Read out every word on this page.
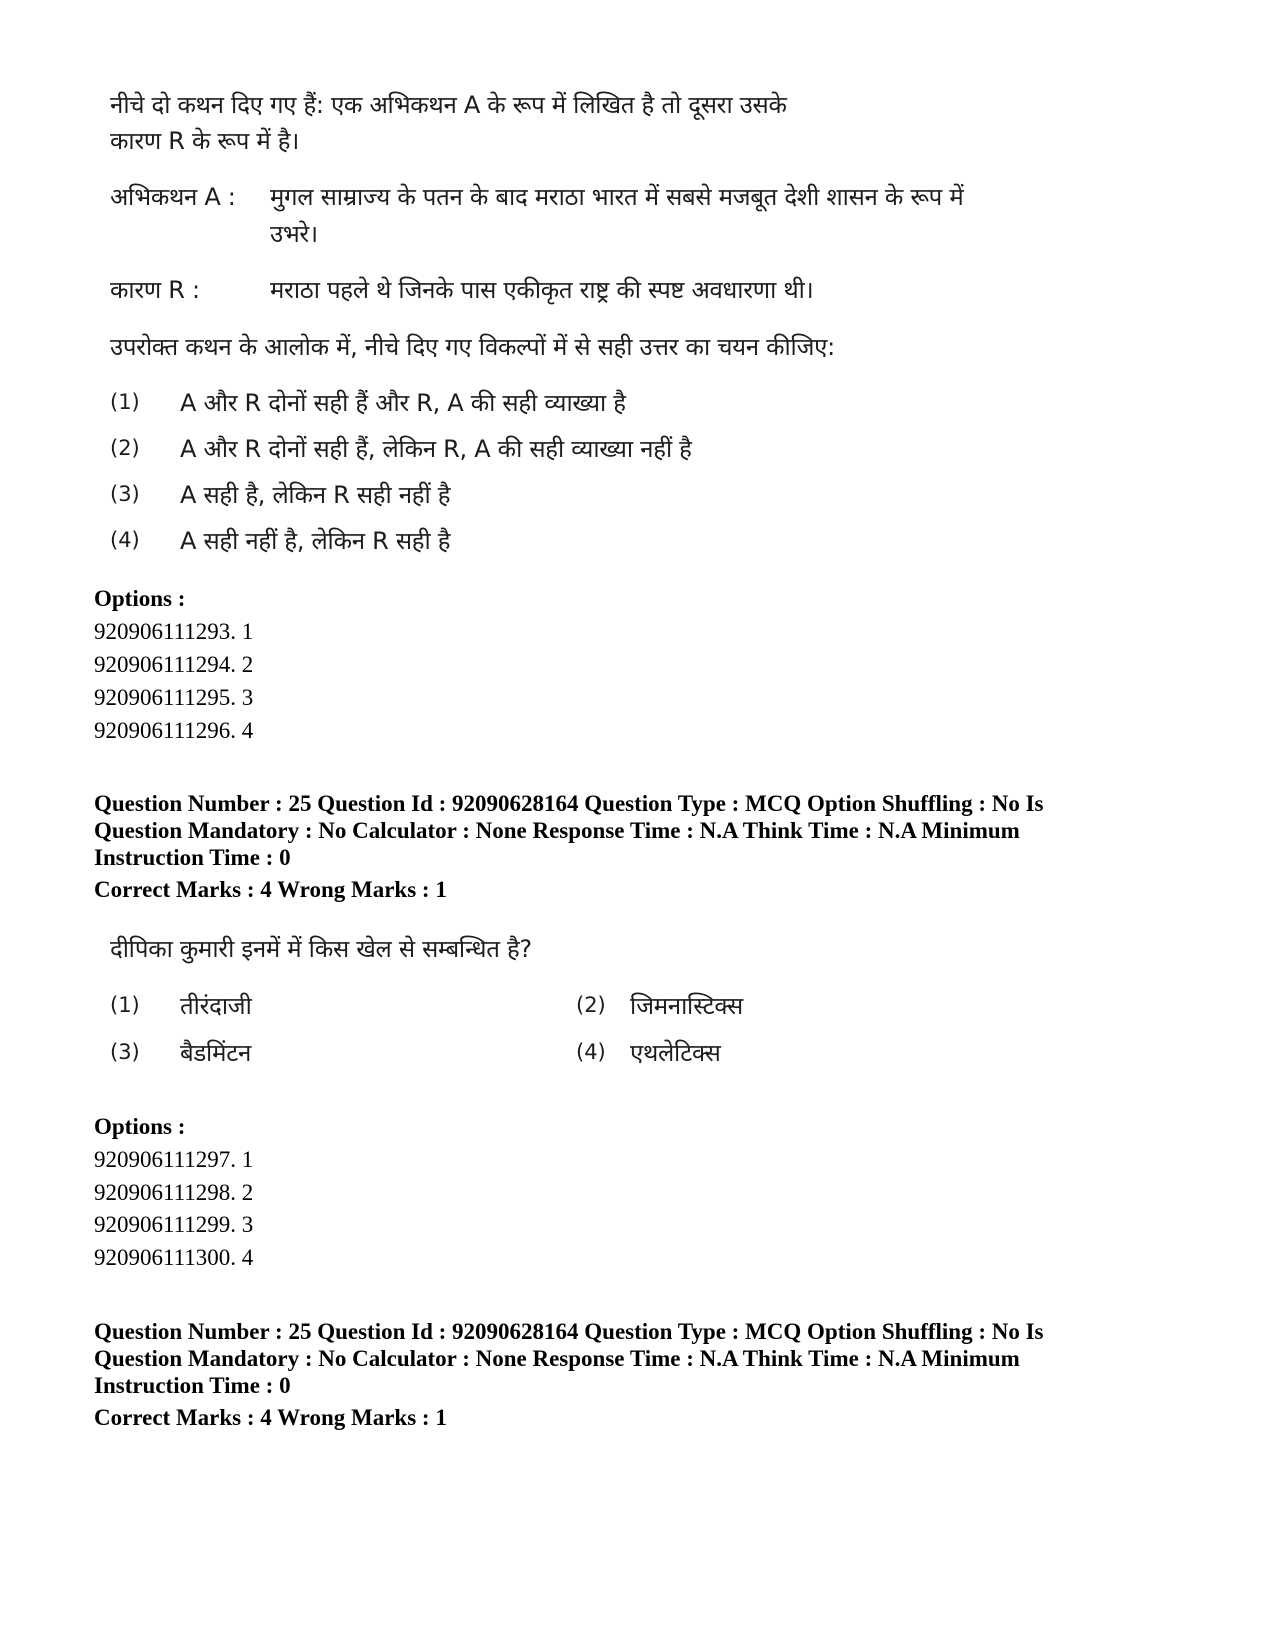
नीचे दो कथन दिए गए हैं: एक अभिकथन A के रूप में लिखित है तो दूसरा उसके
कारण R के रूप में है।
अभिकथन A : मुगल साम्राज्य के पतन के बाद मराठा भारत में सबसे मजबूत देशी शासन के रूप में
उभरे।
कारण R :	मराठा पहले थे जिनके पास एकीकृत राष्ट्र की स्पष्ट अवधारणा थी।
उपरोक्त कथन के आलोक में, नीचे दिए गए विकल्पों में से सही उत्तर का चयन कीजिए:
(1) A और R दोनों सही हैं और R, A की सही व्याख्या है
(2) A और R दोनों सही हैं, लेकिन R, A की सही व्याख्या नहीं है
(3) A सही है, लेकिन R सही नहीं है
(4) A सही नहीं है, लेकिन R सही है
Options :
920906111293. 1
920906111294. 2
920906111295. 3
920906111296. 4
Question Number : 25 Question Id : 92090628164 Question Type : MCQ Option Shuffling : No Is
Question Mandatory : No Calculator : None Response Time : N.A Think Time : N.A Minimum
Instruction Time : 0
Correct Marks : 4 Wrong Marks : 1
दीपिका कुमारी इनमें में किस खेल से सम्बन्धित है?
(1) तीरंदाजी	(2) जिमनास्टिक्स
(3) बैडमिंटन	(4) एथलेटिक्स
Options :
920906111297. 1
920906111298. 2
920906111299. 3
920906111300. 4
Question Number : 25 Question Id : 92090628164 Question Type : MCQ Option Shuffling : No Is
Question Mandatory : No Calculator : None Response Time : N.A Think Time : N.A Minimum
Instruction Time : 0
Correct Marks : 4 Wrong Marks : 1
